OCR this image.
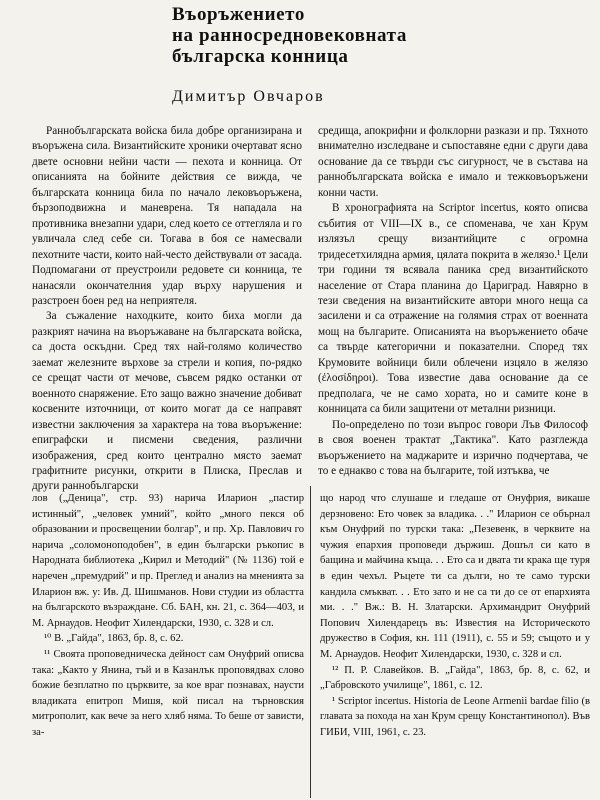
Въоръжението
на ранносредновековната
българска конница
Димитър Овчаров

Раннобългарската войска била добре организирана и въоръжена сила. Византийските хроники очертават ясно двете основни нейни части — пехота и конница. От описанията на бойните действия се вижда, че българската конница била по начало лековъоръжена, бързоподвижна и маневрена. Тя нападала на противника внезапни удари, след което се оттегляла и го увличала след себе си. Тогава в боя се намесвали пехотните части, които най-често действували от засада. Подпомагани от преустроили редовете си конница, те нанасяли окончателния удар върху нарушения и разстроен боен ред на неприятеля.

За съжаление находките, които биха могли да разкрият начина на въоръжаване на българската войска, са доста оскъдни. Сред тях най-голямо количество заемат железните върхове за стрели и копия, по-рядко се срещат части от мечове, съвсем рядко останки от военното снаряжение. Ето защо важно значение добиват косвените източници, от които могат да се направят известни заключения за характера на това въоръжение: епиграфски и писмени сведения, различни изображения, сред които централно място заемат графитните рисунки, открити в Плиска, Преслав и други раннобългарски

средища, апокрифни и фолклорни разкази и пр. Тяхното внимателно изследване и съпоставяне едни с други дава основание да се твърди със сигурност, че в състава на раннобългарската войска е имало и тежковъоръжени конни части.

В хронографията на Scriptor incertus, която описва събития от VIII—IX в., се споменава, че хан Крум излязъл срещу византийците с огромна тридесетхилядна армия, цялата покрита в желязо.¹ Цели три години тя всявала паника сред византийското население от Стара планина до Цариград. Навярно в тези сведения на византийските автори много неща са засилени и са отражение на голямия страх от военната мощ на българите. Описанията на въоръжението обаче са твърде категорични и показателни. Според тях Крумовите войници били облечени изцяло в желязо (ἐλοσίδηροι). Това известие дава основание да се предполага, че не само хората, но и самите коне в конницата са били защитени от метални ризници.

По-определено по този въпрос говори Лъв Философ в своя военен трактат „Тактика". Като разглежда въоръжението на маджарите и изрично подчертава, че то е еднакво с това на българите, той изтъква, че

лов („Деница", стр. 93) нарича Иларион „пастир истинный", „человек умний", който „много пекся об образовании и просвещении болгар", и пр. Хр. Павлович го нарича „соломоноподобен", в един български ръкопис в Народната библиотека „Кирил и Методий" (№ 1136) той е наречен „премудрий" и пр. Преглед и анализ на мненията за Иларион вж. у: Ив. Д. Шишманов. Нови студии из областта на българското възраждане. Сб. БАН, кн. 21, с. 364—403, и М. Арнаудов. Неофит Хилендарски, 1930, с. 328 и сл.

¹⁰ В. „Гайда", 1863, бр. 8, с. 62.

¹¹ Своята проповедническа дейност сам Онуфрий описва така: „Както у Янина, тъй и в Казанлък проповядвах слово божие безплатно по църквите, за кое враг познавах, наусти владиката епитроп Мишя, кой писал на търновския митрополит, как вече за него хляб няма. То беше от зависти, за-

що народ что слушаше и гледаше от Онуфрия, викаше дерзновено: Ето човек за владика. . ." Иларион се обърнал към Онуфрий по турски така: „Пезевенк, в черквите на чужия епархия проповеди държиш. Дошъл си като в бащина и майчина къща. . . Ето са и двата ти крака ще туря в един чехъл. Ръцете ти са дълги, но те само турски кандила смъкват. . . Ето зато и не са ти до се от епархията ми. . ." Вж.: В. Н. Златарски. Архимандрит Онуфрий Попович Хилендарецъ въ: Известия на Историческото дружество в София, кн. 111 (1911), с. 55 и 59; същото и у М. Арнаудов. Неофит Хилендарски, 1930, с. 328 и сл.

¹² П. Р. Славейков. В. „Гайда", 1863, бр. 8, с. 62, и „Габровското училище", 1861, с. 12.

¹ Scriptor incertus. Historia de Leone Armenii bardae filio (в главата за похода на хан Крум срещу Константинопол). Във ГИБИ, VIII, 1961, с. 23.
